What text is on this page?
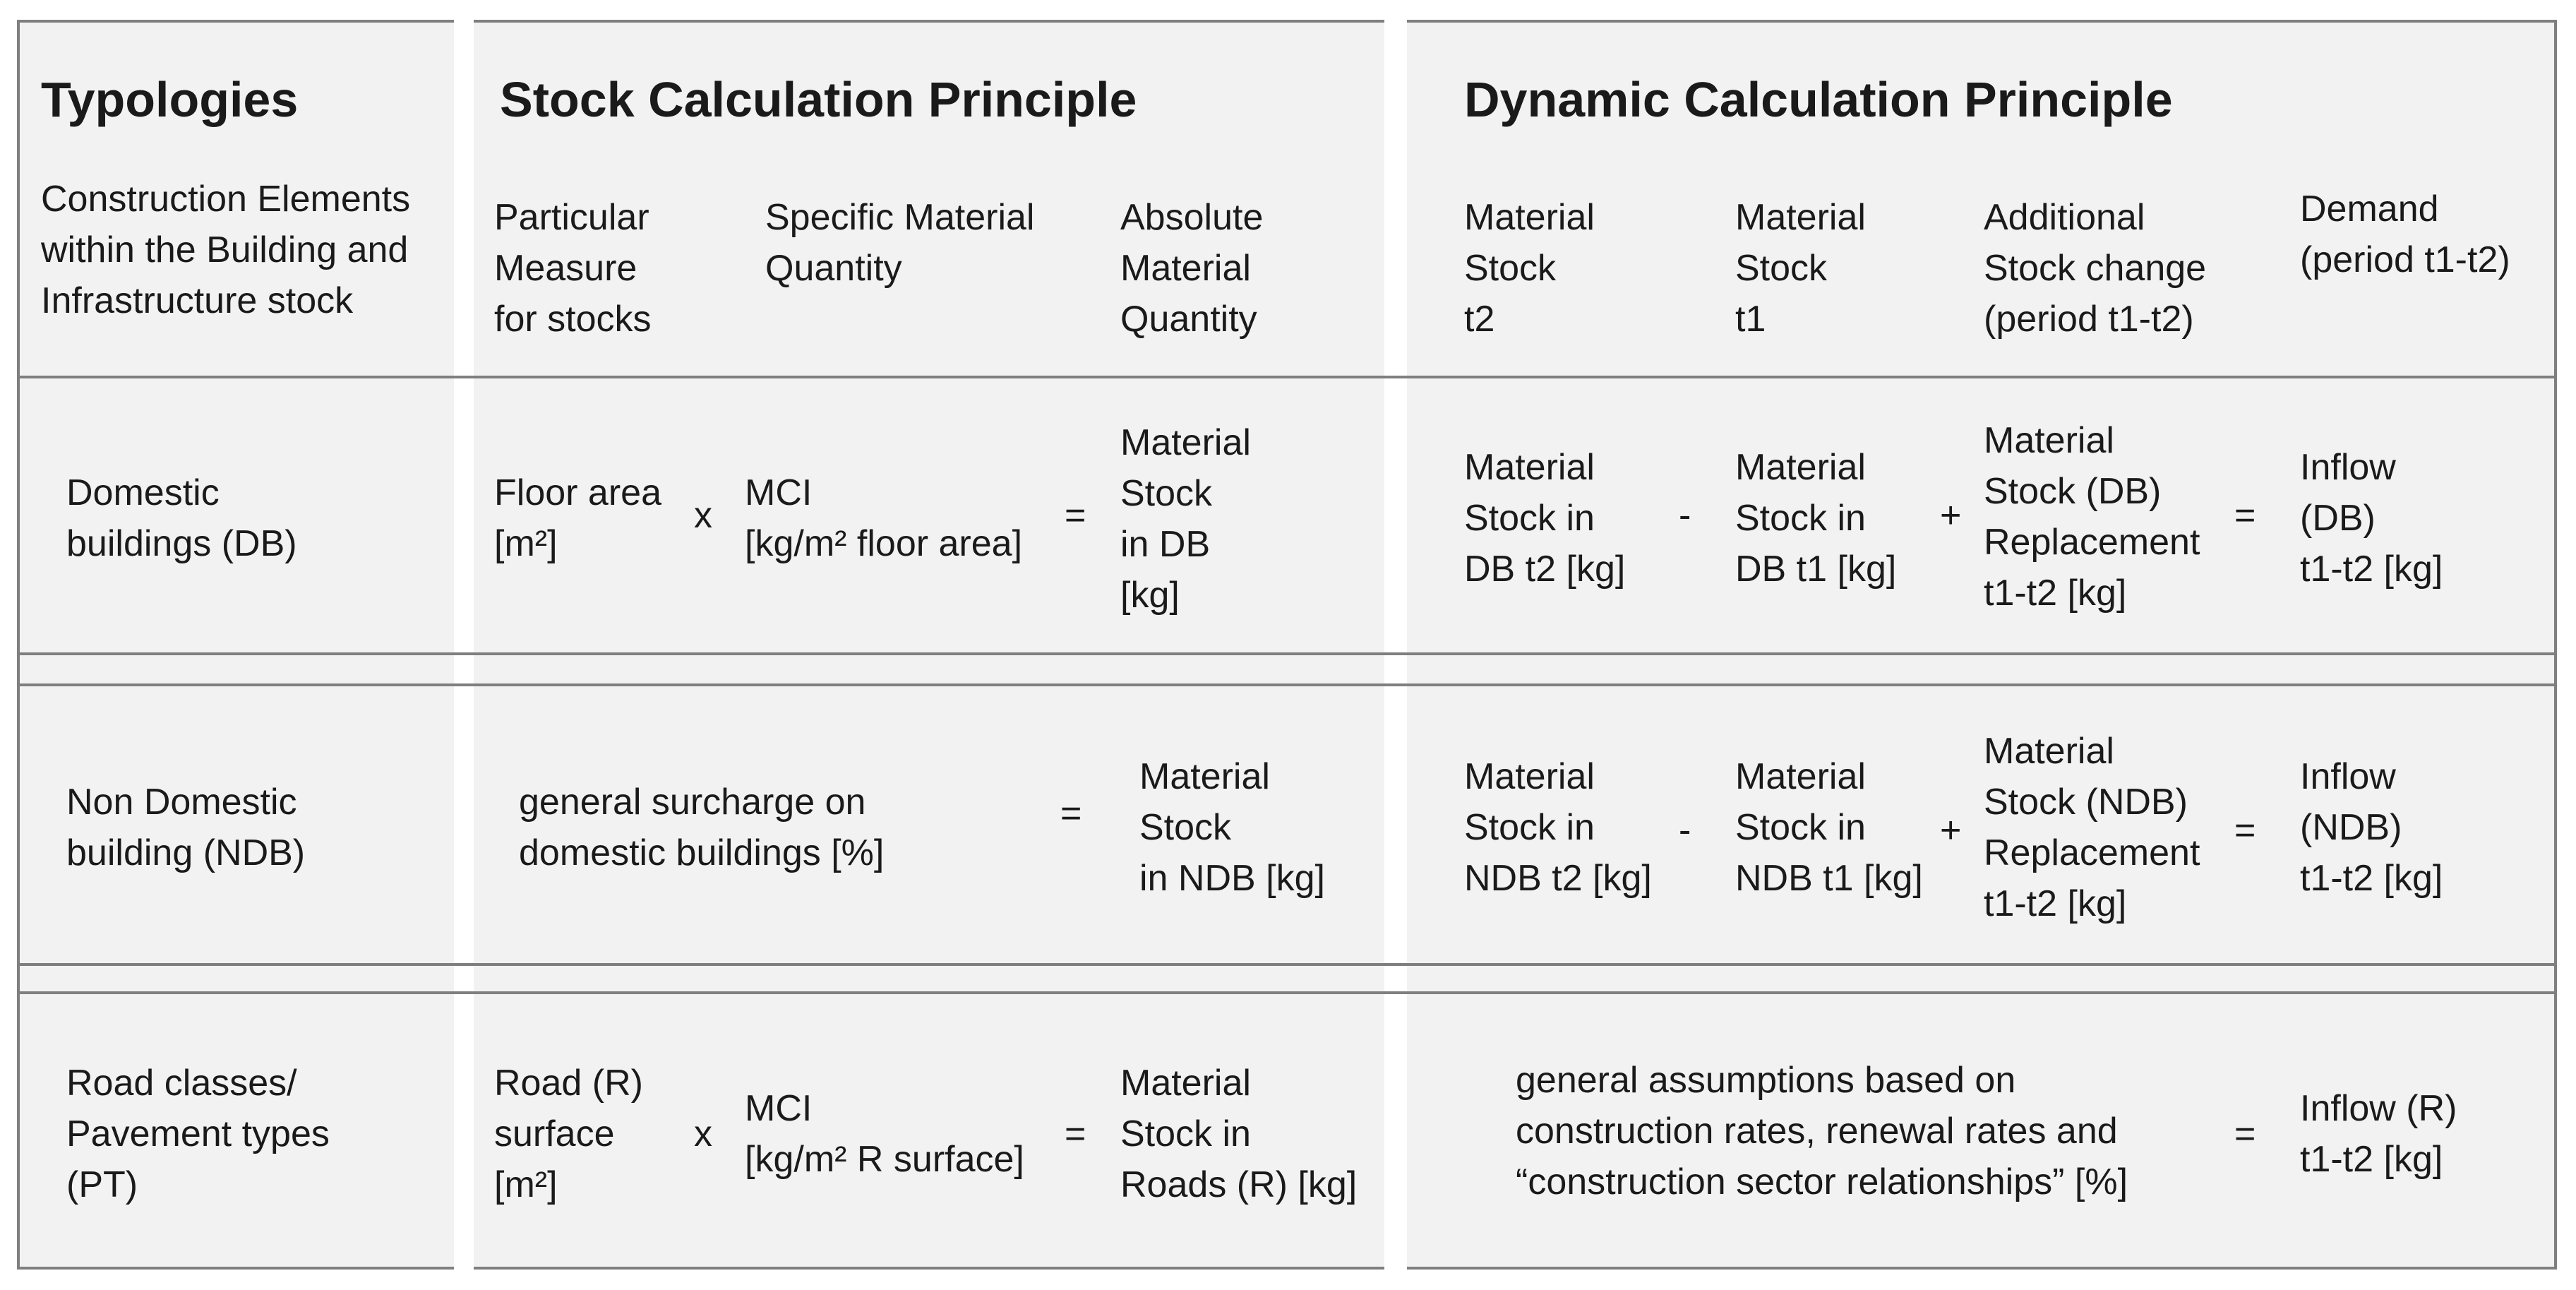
Typologies	Stock Calculation Principle	Dynamic Calculation Principle
Construction Elements
within the Building and
Infrastructure stock
Particular
Measure
for stocks
Specific Material
Quantity
Absolute
Material
Quantity
Material
Stock
t2
Material
Stock
t1
Additional
Stock change
(period t1-t2)
Demand
(period t1-t2)
Domestic
buildings (DB)
Floor area
[m²]
x
MCI
[kg/m² floor area]
=
Material
Stock
in DB
[kg]
Material
Stock in
DB t2 [kg]
-
Material
Stock in
DB t1 [kg]
+
Material
Stock (DB)
Replacement
t1-t2 [kg]
=
Inflow
(DB)
t1-t2 [kg]
Non Domestic
building (NDB)
general surcharge on
domestic buildings [%]
=
Material
Stock
in NDB [kg]
Material
Stock in
NDB t2 [kg]
-
Material
Stock in
NDB t1 [kg]
+
Material
Stock (NDB)
Replacement
t1-t2 [kg]
=
Inflow
(NDB)
t1-t2 [kg]
Road classes/
Pavement types
(PT)
Road (R)
surface
[m²]
x
MCI
[kg/m² R surface]
=
Material
Stock in
Roads (R) [kg]
general assumptions based on
construction rates, renewal rates and
“construction sector relationships” [%]
=
Inflow (R)
t1-t2 [kg]
